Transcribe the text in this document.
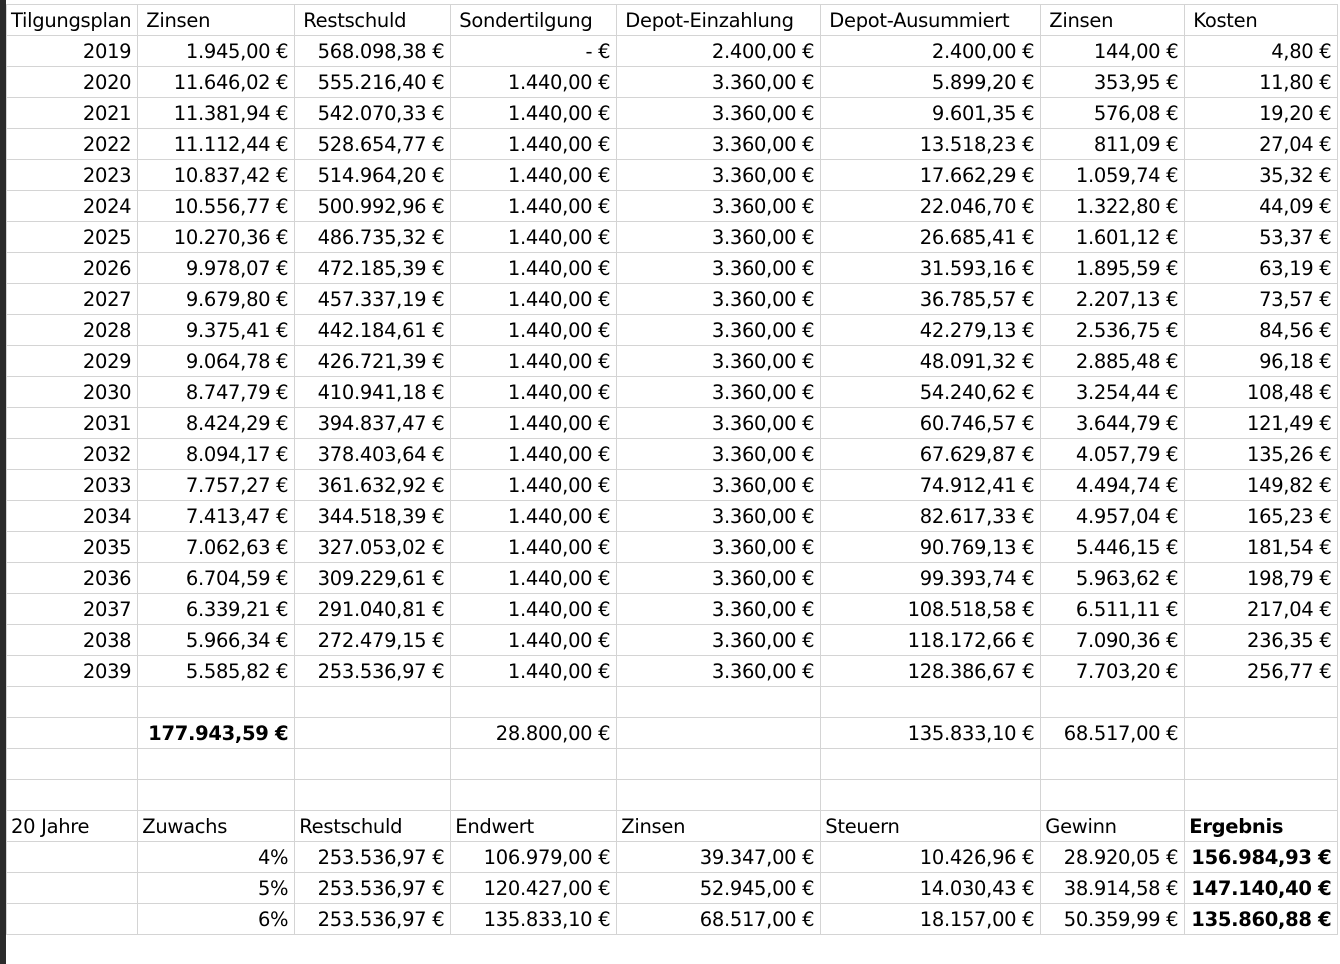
Tilgungsplan	Zinsen	Restschuld	Sondertilgung	Depot-Einzahlung	Depot-Ausummiert	Zinsen	Kosten
2019	1.945,00 €	568.098,38 €	- €	2.400,00 €	2.400,00 €	144,00 €	4,80 €
2020	11.646,02 €	555.216,40 €	1.440,00 €	3.360,00 €	5.899,20 €	353,95 €	11,80 €
2021	11.381,94 €	542.070,33 €	1.440,00 €	3.360,00 €	9.601,35 €	576,08 €	19,20 €
2022	11.112,44 €	528.654,77 €	1.440,00 €	3.360,00 €	13.518,23 €	811,09 €	27,04 €
2023	10.837,42 €	514.964,20 €	1.440,00 €	3.360,00 €	17.662,29 €	1.059,74 €	35,32 €
2024	10.556,77 €	500.992,96 €	1.440,00 €	3.360,00 €	22.046,70 €	1.322,80 €	44,09 €
2025	10.270,36 €	486.735,32 €	1.440,00 €	3.360,00 €	26.685,41 €	1.601,12 €	53,37 €
2026	9.978,07 €	472.185,39 €	1.440,00 €	3.360,00 €	31.593,16 €	1.895,59 €	63,19 €
2027	9.679,80 €	457.337,19 €	1.440,00 €	3.360,00 €	36.785,57 €	2.207,13 €	73,57 €
2028	9.375,41 €	442.184,61 €	1.440,00 €	3.360,00 €	42.279,13 €	2.536,75 €	84,56 €
2029	9.064,78 €	426.721,39 €	1.440,00 €	3.360,00 €	48.091,32 €	2.885,48 €	96,18 €
2030	8.747,79 €	410.941,18 €	1.440,00 €	3.360,00 €	54.240,62 €	3.254,44 €	108,48 €
2031	8.424,29 €	394.837,47 €	1.440,00 €	3.360,00 €	60.746,57 €	3.644,79 €	121,49 €
2032	8.094,17 €	378.403,64 €	1.440,00 €	3.360,00 €	67.629,87 €	4.057,79 €	135,26 €
2033	7.757,27 €	361.632,92 €	1.440,00 €	3.360,00 €	74.912,41 €	4.494,74 €	149,82 €
2034	7.413,47 €	344.518,39 €	1.440,00 €	3.360,00 €	82.617,33 €	4.957,04 €	165,23 €
2035	7.062,63 €	327.053,02 €	1.440,00 €	3.360,00 €	90.769,13 €	5.446,15 €	181,54 €
2036	6.704,59 €	309.229,61 €	1.440,00 €	3.360,00 €	99.393,74 €	5.963,62 €	198,79 €
2037	6.339,21 €	291.040,81 €	1.440,00 €	3.360,00 €	108.518,58 €	6.511,11 €	217,04 €
2038	5.966,34 €	272.479,15 €	1.440,00 €	3.360,00 €	118.172,66 €	7.090,36 €	236,35 €
2039	5.585,82 €	253.536,97 €	1.440,00 €	3.360,00 €	128.386,67 €	7.703,20 €	256,77 €

	177.943,59 €		28.800,00 €		135.833,10 €	68.517,00 €	

20 Jahre	Zuwachs	Restschuld	Endwert	Zinsen	Steuern	Gewinn	Ergebnis
	4%	253.536,97 €	106.979,00 €	39.347,00 €	10.426,96 €	28.920,05 €	156.984,93 €
	5%	253.536,97 €	120.427,00 €	52.945,00 €	14.030,43 €	38.914,58 €	147.140,40 €
	6%	253.536,97 €	135.833,10 €	68.517,00 €	18.157,00 €	50.359,99 €	135.860,88 €
